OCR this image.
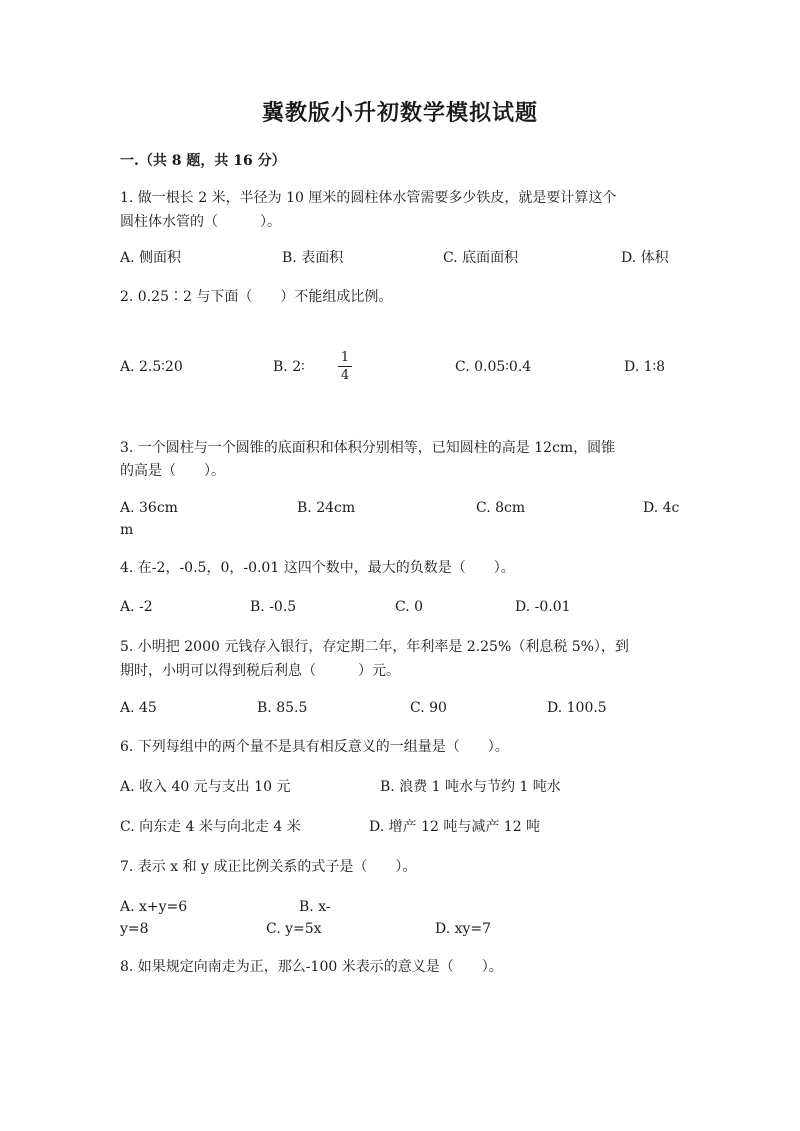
冀教版小升初数学模拟试题
一.（共 8 题，共 16 分）
1. 做一根长 2 米，半径为 10 厘米的圆柱体水管需要多少铁皮，就是要计算这个
圆柱体水管的（　　　）。
A. 侧面积	B. 表面积	C. 底面面积	D. 体积
2. 0.25∶2 与下面（　　）不能组成比例。
A. 2.5∶20	B. 2∶
1
4
C. 0.05∶0.4	D. 1∶8
3. 一个圆柱与一个圆锥的底面积和体积分别相等，已知圆柱的高是 12cm，圆锥
的高是（　　）。
A. 36cm	B. 24cm	C. 8cm	D. 4c
m
4. 在-2，-0.5，0，-0.01 这四个数中，最大的负数是（　　）。
A. -2	B. -0.5	C. 0	D. -0.01
5. 小明把 2000 元钱存入银行，存定期二年，年利率是 2.25%（利息税 5%），到
期时，小明可以得到税后利息（　　　）元。
A. 45	B. 85.5	C. 90	D. 100.5
6. 下列每组中的两个量不是具有相反意义的一组量是（　　）。
A. 收入 40 元与支出 10 元	B. 浪费 1 吨水与节约 1 吨水
C. 向东走 4 米与向北走 4 米	D. 增产 12 吨与减产 12 吨
7. 表示 x 和 y 成正比例关系的式子是（　　）。
A. x+y=6	B. x-
y=8	C. y=5x	D. xy=7
8. 如果规定向南走为正，那么-100 米表示的意义是（　　）。
